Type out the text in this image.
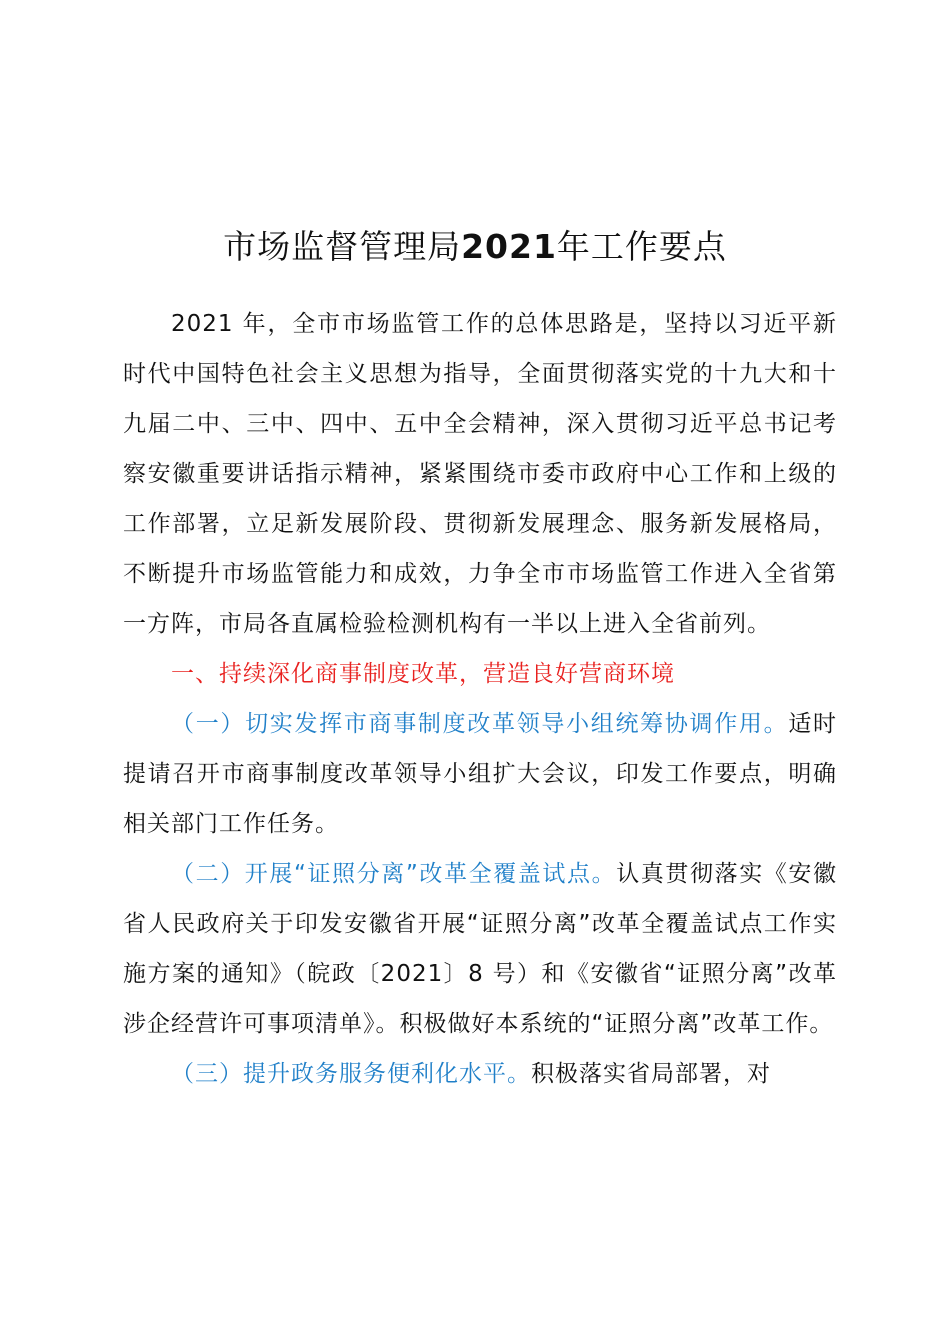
市场监督管理局2021年工作要点

2021 年，全市市场监管工作的总体思路是，坚持以习近平新时代中国特色社会主义思想为指导，全面贯彻落实党的十九大和十九届二中、三中、四中、五中全会精神，深入贯彻习近平总书记考察安徽重要讲话指示精神，紧紧围绕市委市政府中心工作和上级的工作部署，立足新发展阶段、贯彻新发展理念、服务新发展格局，不断提升市场监管能力和成效，力争全市市场监管工作进入全省第一方阵，市局各直属检验检测机构有一半以上进入全省前列。

一、持续深化商事制度改革，营造良好营商环境

（一）切实发挥市商事制度改革领导小组统筹协调作用。适时提请召开市商事制度改革领导小组扩大会议，印发工作要点，明确相关部门工作任务。

（二）开展“证照分离”改革全覆盖试点。认真贯彻落实《安徽省人民政府关于印发安徽省开展“证照分离”改革全覆盖试点工作实施方案的通知》（皖政〔2021〕8 号）和《安徽省“证照分离”改革涉企经营许可事项清单》。积极做好本系统的“证照分离”改革工作。

（三）提升政务服务便利化水平。积极落实省局部署，对
